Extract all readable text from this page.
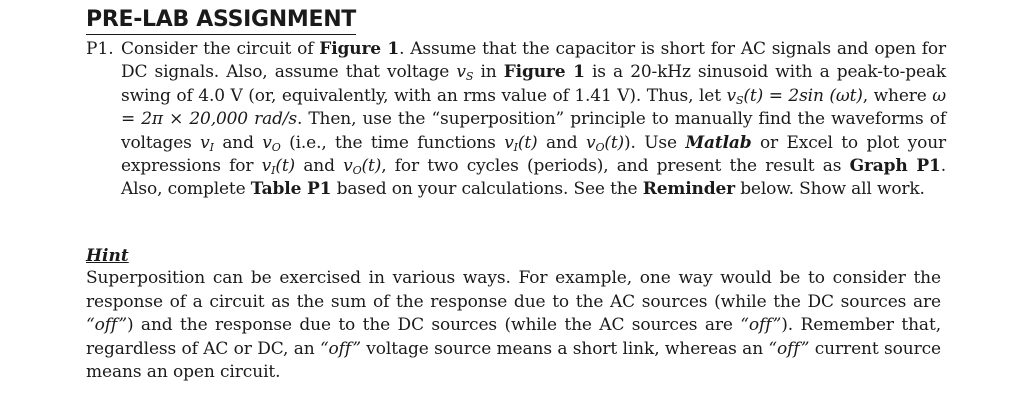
PRE-LAB ASSIGNMENT
P1. Consider the circuit of Figure 1. Assume that the capacitor is short for AC signals and open for DC signals. Also, assume that voltage $v_S$ in Figure 1 is a 20-kHz sinusoid with a peak-to-peak swing of 4.0 V (or, equivalently, with an rms value of 1.41 V). Thus, let $v_S(t) = 2\sin$ (ωt), where ω = 2π × 20,000 rad/s. Then, use the “superposition” principle to manually find the waveforms of voltages $v_I$ and $v_O$ (i.e., the time functions $v_I(t)$ and $v_O(t)$). Use Matlab or Excel to plot your expressions for $v_I(t)$ and $v_O(t)$, for two cycles (periods), and present the result as Graph P1. Also, complete Table P1 based on your calculations. See the Reminder below. Show all work.

Hint

Superposition can be exercised in various ways. For example, one way would be to consider the response of a circuit as the sum of the response due to the AC sources (while the DC sources are “off”) and the response due to the DC sources (while the AC sources are “off”). Remember that, regardless of AC or DC, an “off” voltage source means a short link, whereas an “off” current source means an open circuit.
